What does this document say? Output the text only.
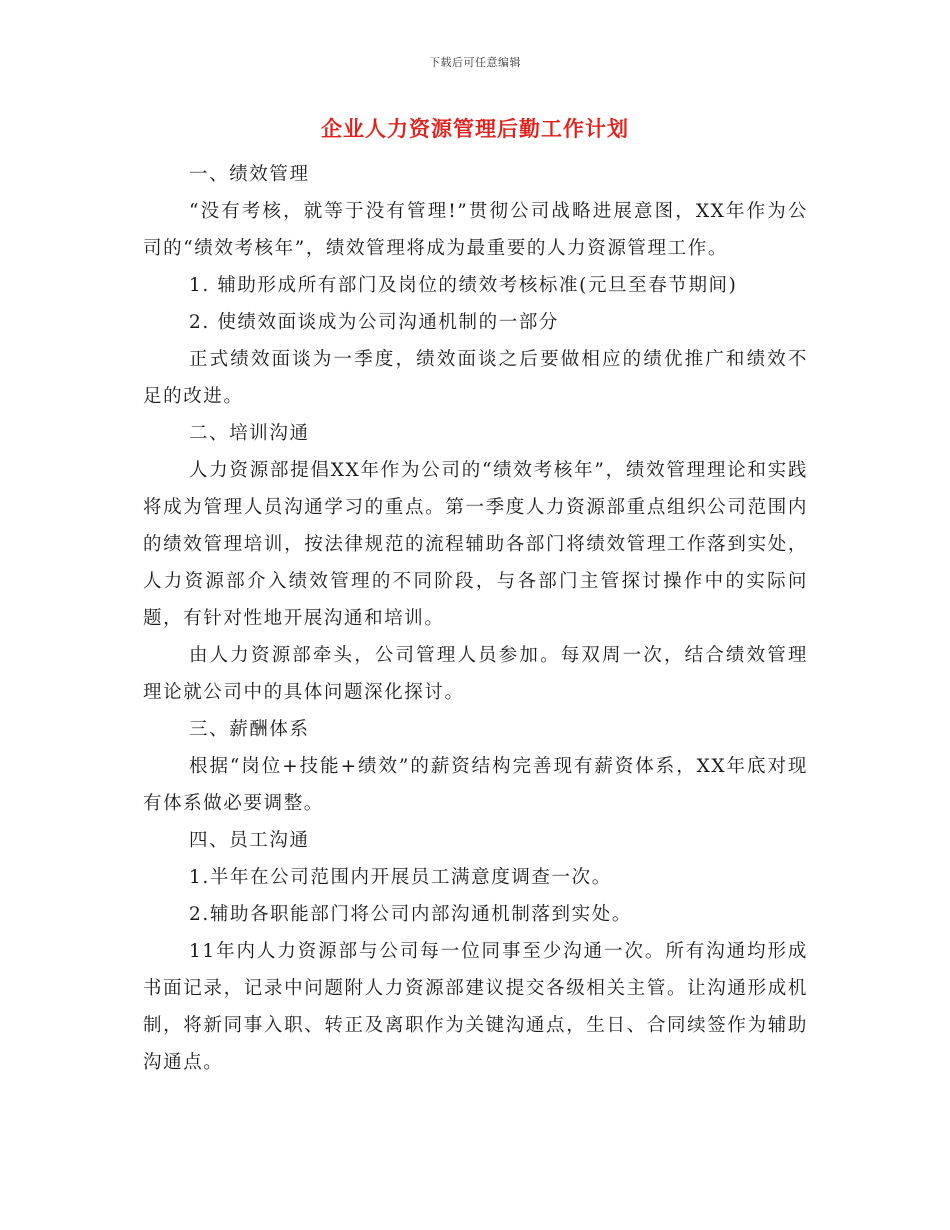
下载后可任意编辑
企业人力资源管理后勤工作计划

一、绩效管理

“没有考核，就等于没有管理!”贯彻公司战略进展意图，XX年作为公司的“绩效考核年”，绩效管理将成为最重要的人力资源管理工作。

1. 辅助形成所有部门及岗位的绩效考核标准(元旦至春节期间)

2. 使绩效面谈成为公司沟通机制的一部分

正式绩效面谈为一季度，绩效面谈之后要做相应的绩优推广和绩效不足的改进。

二、培训沟通

人力资源部提倡XX年作为公司的“绩效考核年”，绩效管理理论和实践将成为管理人员沟通学习的重点。第一季度人力资源部重点组织公司范围内的绩效管理培训，按法律规范的流程辅助各部门将绩效管理工作落到实处，人力资源部介入绩效管理的不同阶段，与各部门主管探讨操作中的实际问题，有针对性地开展沟通和培训。

由人力资源部牵头，公司管理人员参加。每双周一次，结合绩效管理理论就公司中的具体问题深化探讨。

三、薪酬体系

根据“岗位+技能+绩效”的薪资结构完善现有薪资体系，XX年底对现有体系做必要调整。

四、员工沟通

1.半年在公司范围内开展员工满意度调查一次。

2.辅助各职能部门将公司内部沟通机制落到实处。

11年内人力资源部与公司每一位同事至少沟通一次。所有沟通均形成书面记录，记录中问题附人力资源部建议提交各级相关主管。让沟通形成机制，将新同事入职、转正及离职作为关键沟通点，生日、合同续签作为辅助沟通点。
